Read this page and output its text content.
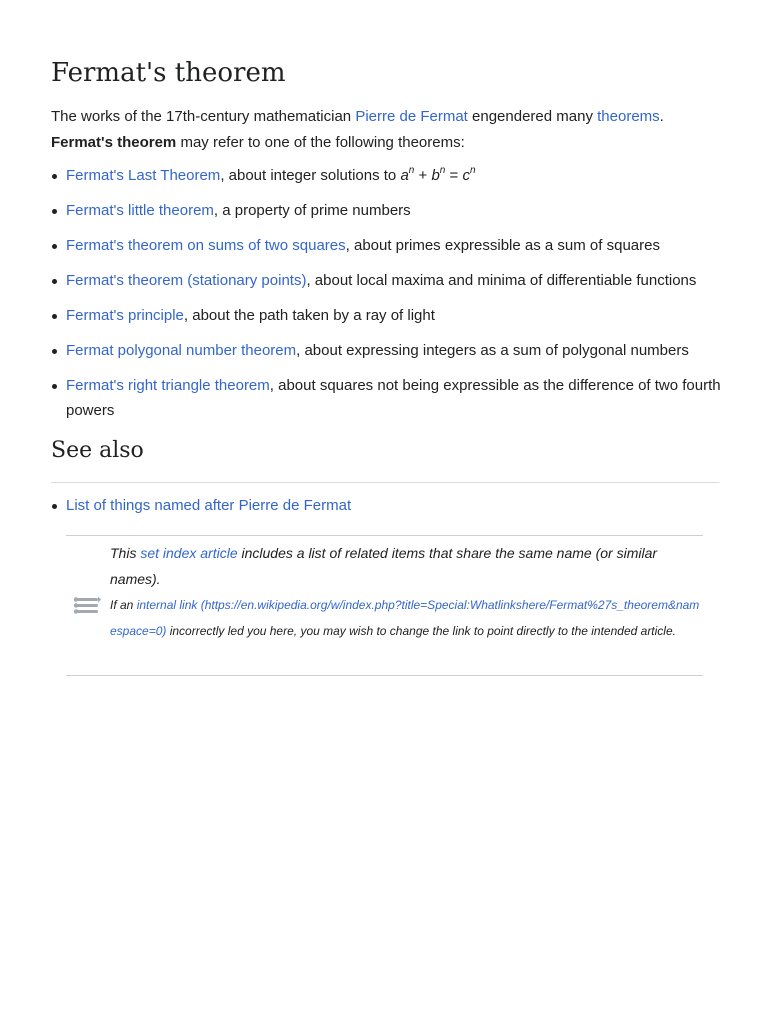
Fermat's theorem
The works of the 17th-century mathematician Pierre de Fermat engendered many theorems.
Fermat's theorem may refer to one of the following theorems:
Fermat's Last Theorem, about integer solutions to $a^n + b^n = c^n$
Fermat's little theorem, a property of prime numbers
Fermat's theorem on sums of two squares, about primes expressible as a sum of squares
Fermat's theorem (stationary points), about local maxima and minima of differentiable functions
Fermat's principle, about the path taken by a ray of light
Fermat polygonal number theorem, about expressing integers as a sum of polygonal numbers
Fermat's right triangle theorem, about squares not being expressible as the difference of two fourth powers
See also
List of things named after Pierre de Fermat
This set index article includes a list of related items that share the same name (or similar names).
If an internal link (https://en.wikipedia.org/w/index.php?title=Special:Whatlinkshere/Fermat%27s_theorem&namespace=0) incorrectly led you here, you may wish to change the link to point directly to the intended article.
